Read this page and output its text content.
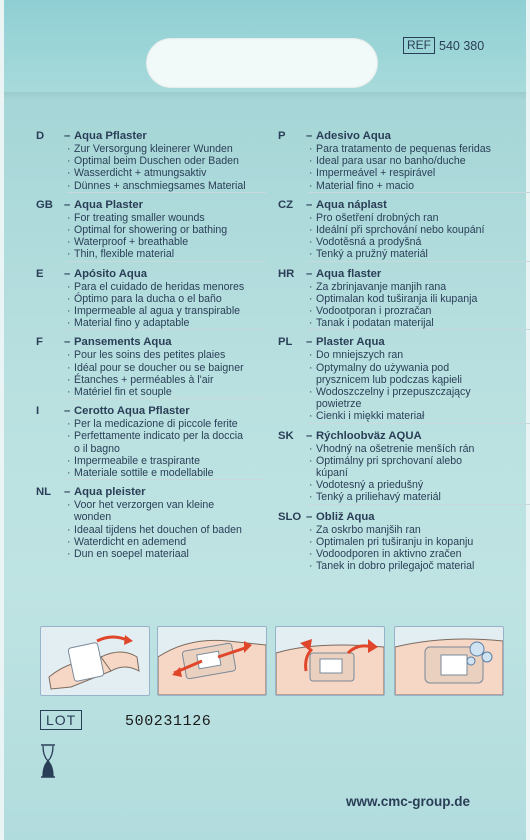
REF 540 380
D	– Aqua Pflaster
· Zur Versorgung kleinerer Wunden
· Optimal beim Duschen oder Baden
· Wasserdicht + atmungsaktiv
· Dünnes + anschmiegsames Material
GB – Aqua Plaster
· For treating smaller wounds
· Optimal for showering or bathing
· Waterproof + breathable
· Thin, flexible material
E	– Apósito Aqua
· Para el cuidado de heridas menores
· Óptimo para la ducha o el baño
· Impermeable al agua y transpirable
· Material fino y adaptable
F	– Pansements Aqua
· Pour les soins des petites plaies
· Idéal pour se doucher ou se baigner
· Étanches + perméables à l'air
· Matériel fin et souple
I	– Cerotto Aqua Pflaster
· Per la medicazione di piccole ferite
· Perfettamente indicato per la doccia
o il bagno
· Impermeabile e traspirante
· Materiale sottile e modellabile
NL	– Aqua pleister
· Voor het verzorgen van kleine
wonden
· Ideaal tijdens het douchen of baden
· Waterdicht en ademend
· Dun en soepel materiaal
P	– Adesivo Aqua
· Para tratamento de pequenas feridas
· Ideal para usar no banho/duche
· Impermeável + respirável
· Material fino + macio
CZ	– Aqua náplast
· Pro ošetření drobných ran
· Ideální při sprchování nebo koupání
· Vodotěsná a prodyšná
· Tenký a pružný materiál
HR	– Aqua flaster
· Za zbrinjavanje manjih rana
· Optimalan kod tuširanja ili kupanja
· Vodootporan i prozračan
· Tanak i podatan materijal
PL	– Plaster Aqua
· Do mniejszych ran
· Optymalny do używania pod
prysznicem lub podczas kąpieli
· Wodoszczelny i przepuszczający
powietrze
· Cienki i miękki materiał
SK	– Rýchloobväz AQUA
· Vhodný na ošetrenie menších rán
· Optimálny pri sprchovaní alebo
kúpaní
· Vodotesný a priedušný
· Tenký a priliehavý materiál
SLO – Obliž Aqua
· Za oskrbo manjših ran
· Optimalen pri tuširanju in kopanju
· Vodoodporen in aktivno zračen
· Tanek in dobro prilegajoč material
LOT	500231126
www.cmc-group.de
